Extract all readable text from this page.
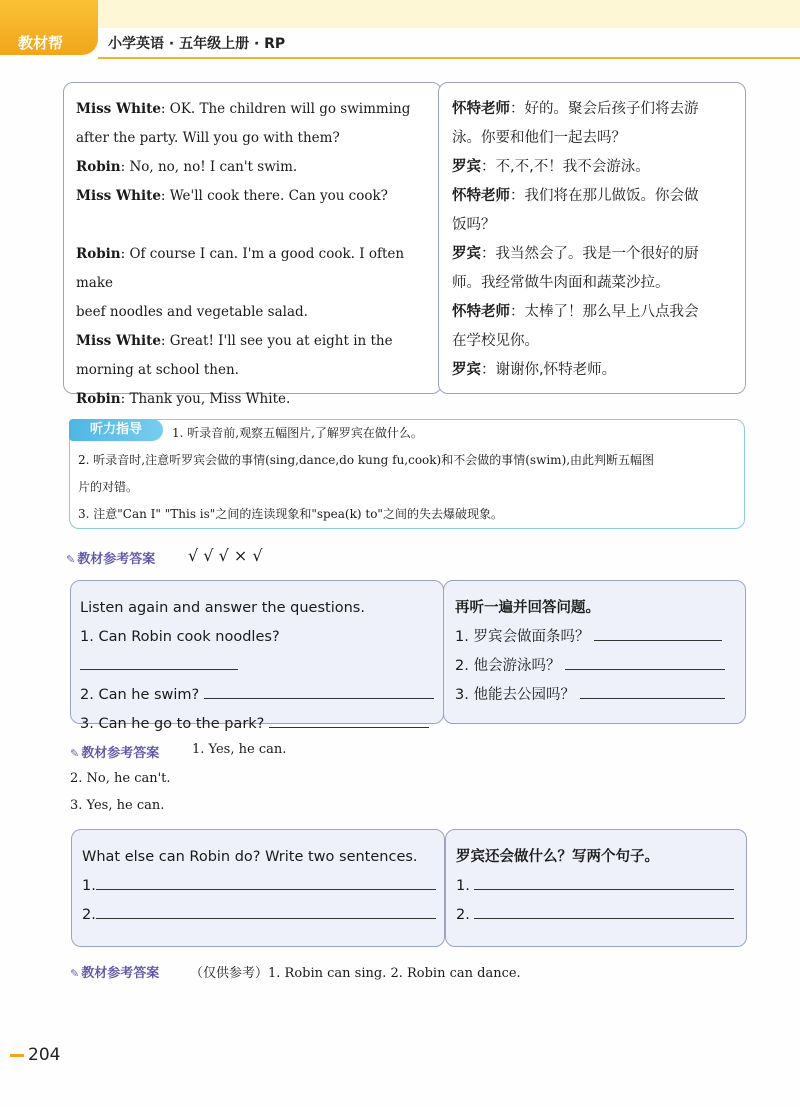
教材帮	小学英语 · 五年级上册 · RP

Miss White: OK. The children will go swimming

after the party. Will you go with them?

Robin: No, no, no! I can't swim.

Miss White: We'll cook there. Can you cook?

Robin: Of course I can. I'm a good cook. I often make

beef noodles and vegetable salad.

Miss White: Great! I'll see you at eight in the

morning at school then.

Robin: Thank you, Miss White.

怀特老师：好的。聚会后孩子们将去游

泳。你要和他们一起去吗？

罗宾：不,不,不！我不会游泳。

怀特老师：我们将在那儿做饭。你会做

饭吗？

罗宾：我当然会了。我是一个很好的厨

师。我经常做牛肉面和蔬菜沙拉。

怀特老师：太棒了！那么早上八点我会

在学校见你。

罗宾：谢谢你,怀特老师。

听力指导	1. 听录音前,观察五幅图片,了解罗宾在做什么。

2. 听录音时,注意听罗宾会做的事情(sing,dance,do kung fu,cook)和不会做的事情(swim),由此判断五幅图

片的对错。

3. 注意"Can I" "This is"之间的连读现象和"spea(k) to"之间的失去爆破现象。

✎ 教材参考答案 √ √ √ × √

Listen again and answer the questions.

1. Can Robin cook noodles?

2. Can he swim?

3. Can he go to the park?

再听一遍并回答问题。

1. 罗宾会做面条吗？

2. 他会游泳吗？

3. 他能去公园吗？

✎ 教材参考答案	1. Yes, he can.
2. No, he can't.
3. Yes, he can.

What else can Robin do? Write two sentences.

1.

2.

罗宾还会做什么？写两个句子。

1.

2.

✎ 教材参考答案 （仅供参考）1. Robin can sing. 2. Robin can dance.
204
